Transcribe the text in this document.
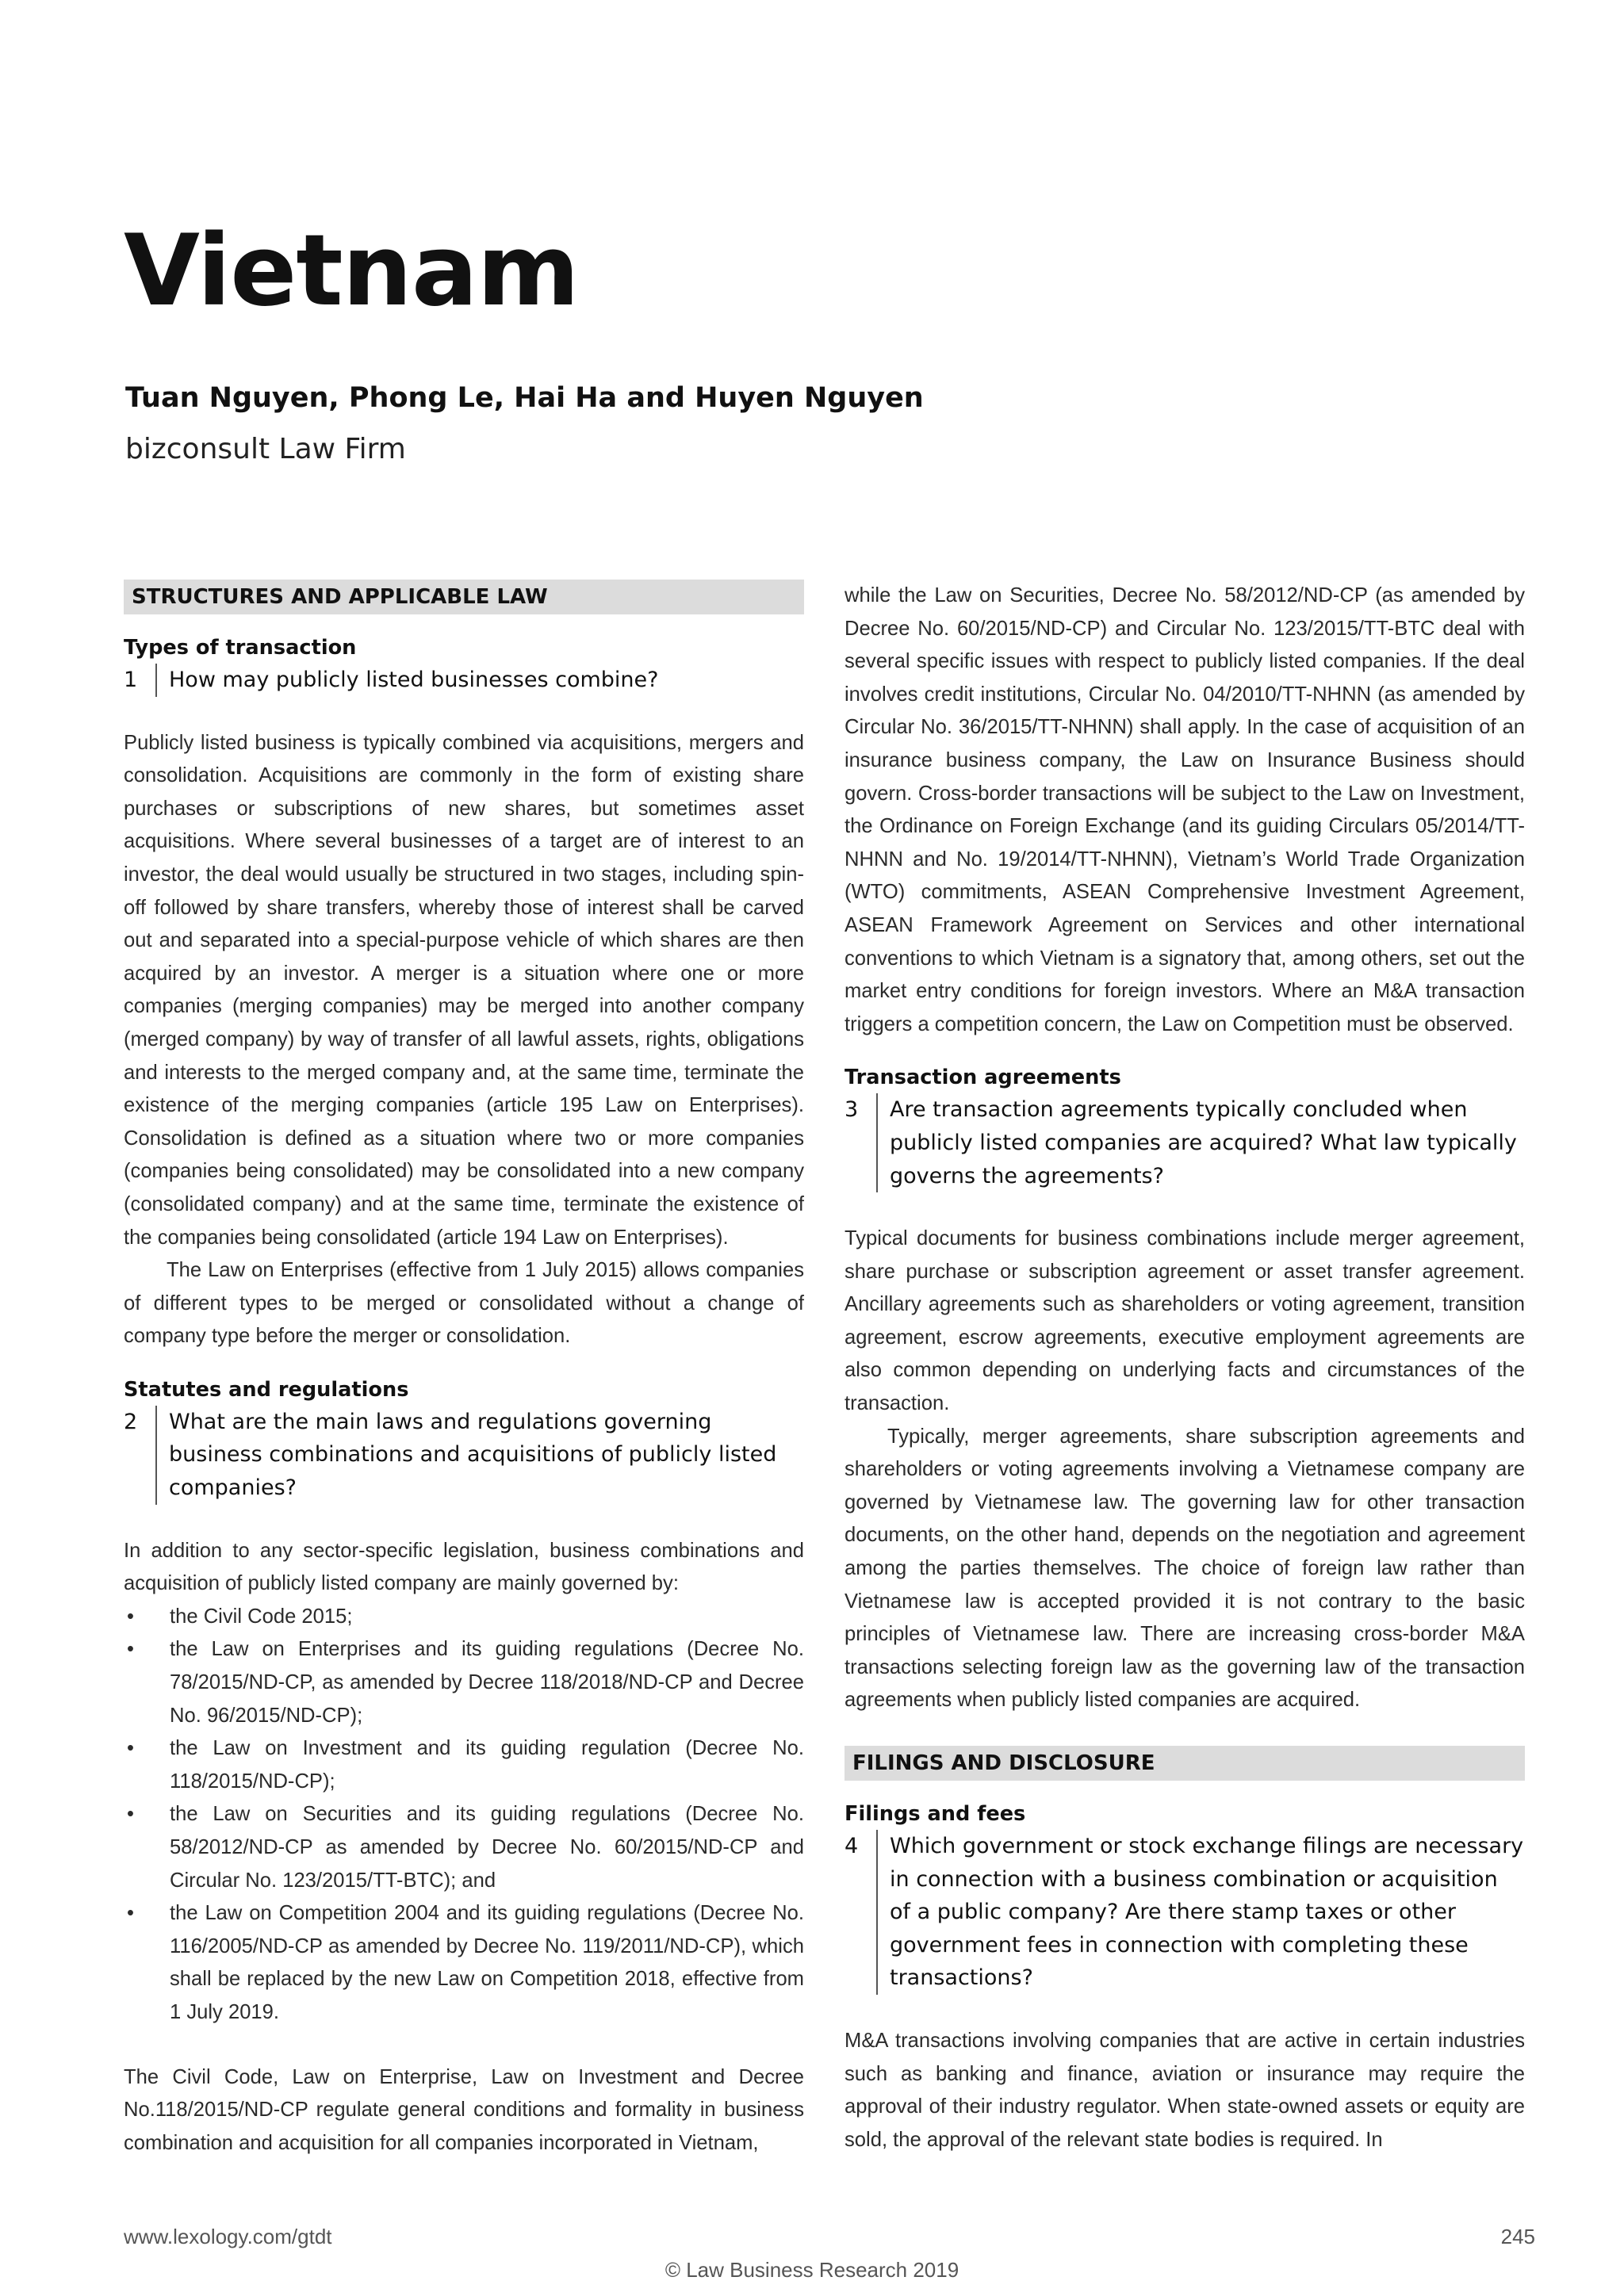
Vietnam
Tuan Nguyen, Phong Le, Hai Ha and Huyen Nguyen
bizconsult Law Firm
STRUCTURES AND APPLICABLE LAW

Types of transaction

1	How may publicly listed businesses combine?

Publicly listed business is typically combined via acquisitions, mergers and consolidation. Acquisitions are commonly in the form of existing share purchases or subscriptions of new shares, but sometimes asset acquisitions. Where several businesses of a target are of interest to an investor, the deal would usually be structured in two stages, including spin-off followed by share transfers, whereby those of interest shall be carved out and separated into a special-purpose vehicle of which shares are then acquired by an investor. A merger is a situation where one or more companies (merging companies) may be merged into another company (merged company) by way of transfer of all lawful assets, rights, obligations and interests to the merged company and, at the same time, terminate the existence of the merging companies (article 195 Law on Enterprises). Consolidation is defined as a situation where two or more companies (companies being consolidated) may be consolidated into a new company (consolidated company) and at the same time, terminate the existence of the companies being consolidated (article 194 Law on Enterprises).

The Law on Enterprises (effective from 1 July 2015) allows companies of different types to be merged or consolidated without a change of company type before the merger or consolidation.

Statutes and regulations

2	What are the main laws and regulations governing business combinations and acquisitions of publicly listed companies?

In addition to any sector-specific legislation, business combinations and acquisition of publicly listed company are mainly governed by:

• the Civil Code 2015;
• the Law on Enterprises and its guiding regulations (Decree No. 78/2015/ND-CP, as amended by Decree 118/2018/ND-CP and Decree No. 96/2015/ND-CP);
• the Law on Investment and its guiding regulation (Decree No. 118/2015/ND-CP);
• the Law on Securities and its guiding regulations (Decree No. 58/2012/ND-CP as amended by Decree No. 60/2015/ND-CP and Circular No. 123/2015/TT-BTC); and
• the Law on Competition 2004 and its guiding regulations (Decree No. 116/2005/ND-CP as amended by Decree No. 119/2011/ND-CP), which shall be replaced by the new Law on Competition 2018, effective from 1 July 2019.

The Civil Code, Law on Enterprise, Law on Investment and Decree No.118/2015/ND-CP regulate general conditions and formality in business combination and acquisition for all companies incorporated in Vietnam,

while the Law on Securities, Decree No. 58/2012/ND-CP (as amended by Decree No. 60/2015/ND-CP) and Circular No. 123/2015/TT-BTC deal with several specific issues with respect to publicly listed companies. If the deal involves credit institutions, Circular No. 04/2010/TT-NHNN (as amended by Circular No. 36/2015/TT-NHNN) shall apply. In the case of acquisition of an insurance business company, the Law on Insurance Business should govern. Cross-border transactions will be subject to the Law on Investment, the Ordinance on Foreign Exchange (and its guiding Circulars 05/2014/TT-NHNN and No. 19/2014/TT-NHNN), Vietnam’s World Trade Organization (WTO) commitments, ASEAN Comprehensive Investment Agreement, ASEAN Framework Agreement on Services and other international conventions to which Vietnam is a signatory that, among others, set out the market entry conditions for foreign investors. Where an M&A transaction triggers a competition concern, the Law on Competition must be observed.

Transaction agreements

3	Are transaction agreements typically concluded when publicly listed companies are acquired? What law typically governs the agreements?

Typical documents for business combinations include merger agreement, share purchase or subscription agreement or asset transfer agreement. Ancillary agreements such as shareholders or voting agreement, transition agreement, escrow agreements, executive employment agreements are also common depending on underlying facts and circumstances of the transaction.

Typically, merger agreements, share subscription agreements and shareholders or voting agreements involving a Vietnamese company are governed by Vietnamese law. The governing law for other transaction documents, on the other hand, depends on the negotiation and agreement among the parties themselves. The choice of foreign law rather than Vietnamese law is accepted provided it is not contrary to the basic principles of Vietnamese law. There are increasing cross-border M&A transactions selecting foreign law as the governing law of the transaction agreements when publicly listed companies are acquired.

FILINGS AND DISCLOSURE

Filings and fees

4	Which government or stock exchange filings are necessary in connection with a business combination or acquisition of a public company? Are there stamp taxes or other government fees in connection with completing these transactions?

M&A transactions involving companies that are active in certain industries such as banking and finance, aviation or insurance may require the approval of their industry regulator. When state-owned assets or equity are sold, the approval of the relevant state bodies is required. In

www.lexology.com/gtdt	245
© Law Business Research 2019
